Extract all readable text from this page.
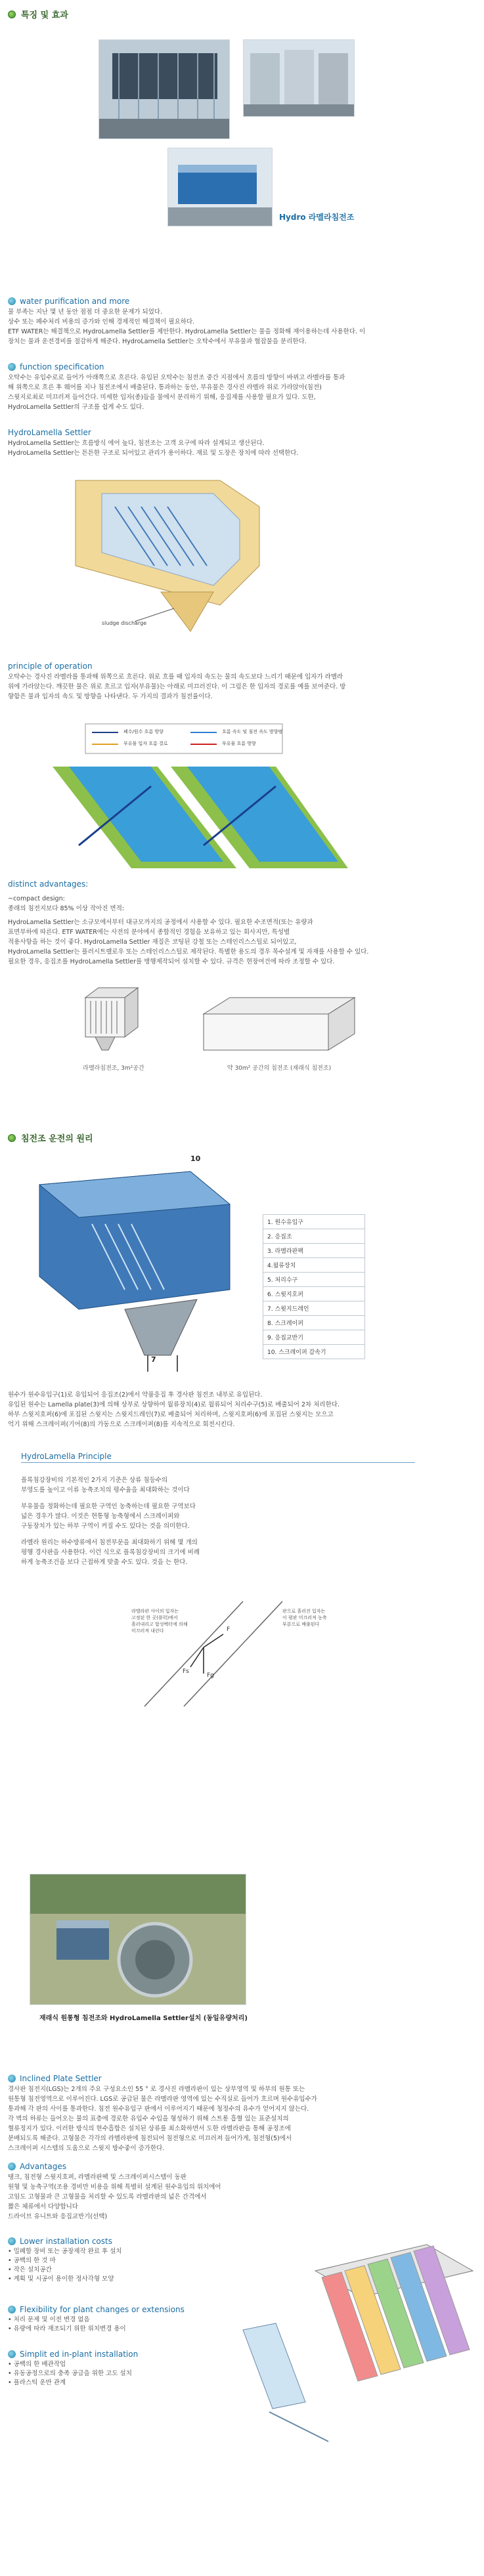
특징 및 효과
Hydro 라멜라침전조
water purification and more
물 부족는 지난 몇 년 동안 점점 더 중요한 문제가 되었다.
상수 또는 폐수처리 비용의 증가와 인해 경제적인 해결책이 필요하다.
ETF WATER는 해결책으로 HydroLamella Settler를 제안한다. HydroLamella Settler는 물을 정화해 재이용하는데 사용한다. 이
장치는 물과 운전경비를 절감하게 해준다. HydroLamella Settler는 오탁수에서 부유물과 협잡물을 분리한다.
function specification
오탁수는 유입수로로 들어가 아래쪽으로 흐른다. 유입된 오탁수는 침전조 중간 지점에서 흐름의 방향이 바뀌고 라멜라를 통과
해 위쪽으로 흐른 후 웨어를 지나 침전조에서 배출된다. 통과하는 동안, 부유물은 경사진 라멜라 위로 가라앉아(침전)
스윗지로최로 미끄러져 들어간다. 미세한 입자(종)들을 물에서 분리하기 위해, 응집제를 사용할 필요가 있다. 도한,
HydroLamella Settler의 구조를 쉽게 수도 있다.
HydroLamella Settler
HydroLamella Settler는 흐름방식 에어 높다, 침전조는 고객 요구에 따라 설계되고 생산된다.
HydroLamella Settler는 튼튼한 구조로 되어있고 관리가 용이하다. 재료 및 도장은 장치에 따라 선택한다.
sludge discharge
principle of operation
오탁수는 경사진 라멜라를 통과해 위쪽으로 흐른다. 위로 흐를 때 입자의 속도는 물의 속도보다 느리기 때문에 입자가 라멜라
위에 가라앉는다. 깨끗한 물은 위로 흐르고 입자(부유물)는 아래로 미끄러진다. 이 그림은 한 입자의 경로를 예를 보여준다. 방
향함은 물과 입자의 속도 및 방향을 나타낸다. 두 가지의 결과가 침전율이다.
폐수/원수 흐름 방향
부유물 입자 흐름 결로
흐름 속도 및 침전 속도 방향범
부유물 흐름 방향
distinct advantages:
~compact design:
종래의 침전지보다 85% 이상 작아진 면적:
HydroLamella Settler는 소규모에서부터 대규모까지의 공정에서 사용할 수 있다. 필요한 수조면적(또는 유량과
표면부하에 따른다. ETF WATER에는 사전의 분야에서 종합적인 경험을 보유하고 있는 회사지만, 특성별
적용사항을 하는 것이 좋다. HydroLamella Settler 재질은 코팅된 강철 또는 스테인리스스틸로 되어있고,
HydroLamella Settler는 플러시트렐로우 또는 스테인리스스틸로 제작된다. 특별한 용도의 경우 목수설계 및 자재를 사용할 수 있다.
필요한 경우, 응집조를 HydroLamella Settler를 병행제작되어 설치할 수 있다. 규격은 현장여건에 따라 조정할 수 있다.
라멜라침전조, 3m²공간	약 30m² 공간의 침전조 (재래식 침전조)
침전조 운전의 원리
10
7
1. 원수유입구
2. 응집조
3. 라멜라판팩
4.월류장치
5. 처리수구
6. 스윗지호퍼
7. 스윗지드레인
8. 스크레이퍼
9. 응집교반기
10. 스크레이퍼 감속기
원수가 원수유입구(1)로 유입되어 응집조(2)에서 약품응집 후 경사판 침전조 내부로 유입된다.
유입된 원수는 Lamella plate(3)에 의해 상부로 상향하여 월류장치(4)로 월류되어 처리수구(5)로 배출되어 2차 처리한다.
하부 스윗지호퍼(6)에 포집된 스윗지는 스윗지드레인(7)로 배출되어 처리하며, 스윗지호퍼(6)에 포집된 스윗지는 모으고
억기 위해 스크레이퍼(기어(8)의 가동으로 스크레이퍼(8)를 지속적으로 회전시킨다.
HydroLamella Principle
플록침강장비의 기본적인 2가지 기준은 상류 침등수의
부영도를 높이고 이류 농축조치의 평수율을 최대화하는 것이다
부유물을 정화하는데 필요한 구역인 농축하는데 필요한 구역보다
넓은 경우가 많다. 이것은 현통형 농축형에서 스크레이퍼와
구동장치가 있는 하부 구역이 커질 수도 있다는 것을 의미한다.
라멜라 원리는 하수방류에서 침전부문을 최대화하기 위해 몇 개의
평행 경사판을 사용한다. 이런 식으로 플록침강장비의 크기에 비례
하게 농축조건을 보다 근접하게 맞출 수도 있다. 것을 는 한다.
F
Fs
Fg
라멜라판 사이의 입자는
고정된 한 곳(플럭)에서
흘러내리고 합성벡터에 의해
미끄러져 내린다
판으로 흘러진 입자는
이 평판 미끄러져 농축
부분으로 배출된다
재래식 원통형 침전조와 HydroLamella Settler설치 (동일유량처리)
Inclined Plate Settler
경사판 침전지(LGS)는 2개의 주요 구성요소인 55 ° 로 경사진 라멜라판이 있는 상부영역 및 하부의 원통 또는
원통형 침전영역으로 이루어진다. LGS로 공급된 물은 라멜라판 영역에 있는 수직실로 들어가 흐르며 원수유입수가
통과해 각 판의 사이를 통과한다. 침전 원수유입구 판에서 이루어지기 때문에 청정수의 유수가 얻어지지 않는다.
각 벽의 하류는 들어오는 물의 표층에 경로한 유입수 수입을 형성하기 위해 스트롱 흡혈 있는 표준설치의
혈류정지가 있다. 이러한 방식의 현수흡합은 설치된 상류를 최소화하면서 도한 라멜라판을 통해 공정조에
분배되도록 해준다. 고형물은 각각의 라멜라판에 침전되어 침전형으로 미끄러져 들어가게, 침전형(5)에서
스크레이퍼 시스템의 도움으로 스윗지 방수좋이 증가한다.
Advantages
탱크, 침전형 스윗지호퍼, 라멜라판팩 및 스크레이퍼시스템이 동판
원형 및 농축구역(조용 경비만 비용을 위해 특별히 설계된 원수유입의 위치에어
고임도 고형물과 큰 고형물을 처리할 수 있도록 라멜라판의 넓은 간격에서
짧은 체류에서 다양합니다
드라이브 유니트와 응집교반기(선택)
Lower installation costs
• 밀폐할 장비 또는 공장제작 완료 후 설치
• 공백의 한 것 마
• 작은 설치공간
• 계획 및 시공이 용이한 정사각형 모양
Flexibility for plant changes or extensions
• 처리 문제 및 이전 변경 없음
• 유량에 따라 재조되기 위한 위치변경 용이
Simplit ed in-plant installation
• 공백의 한 배관작업
• 유동공정으로의 충족 공급을 위한 고도 설치
• 플라스틱 운반 관계
